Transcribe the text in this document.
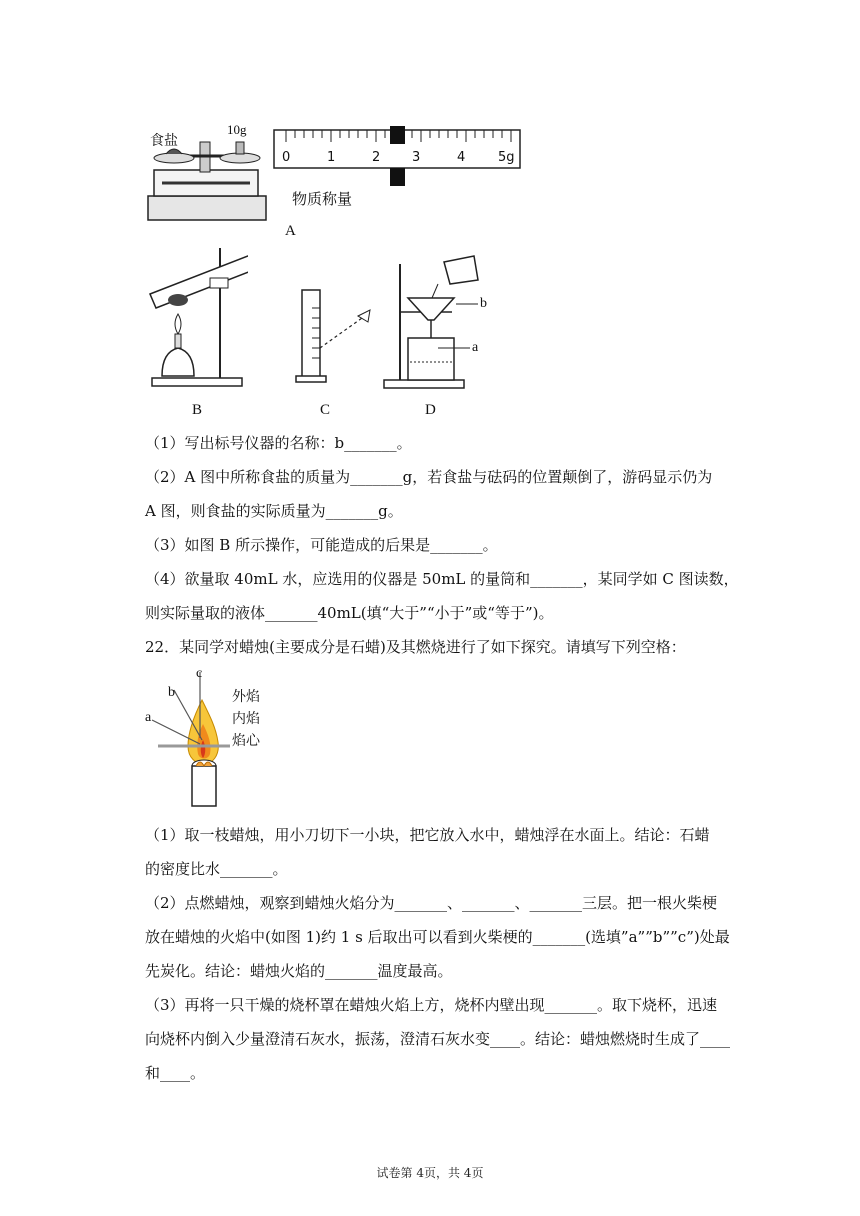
食盐
10g
0	1	2 3	4	5g
物质称量
A
b
a
B	C	D
（1）写出标号仪器的名称：b_______。
（2）A 图中所称食盐的质量为_______g，若食盐与砝码的位置颠倒了，游码显示仍为
A 图，则食盐的实际质量为_______g。
（3）如图 B 所示操作，可能造成的后果是_______。
（4）欲量取 40mL 水，应选用的仪器是 50mL 的量筒和_______，某同学如 C 图读数，
则实际量取的液体_______40mL(填“大于”“小于”或“等于”)。
22．某同学对蜡烛(主要成分是石蜡)及其燃烧进行了如下探究。请填写下列空格：
a
b
c
外焰
内焰
焰心
（1）取一枝蜡烛，用小刀切下一小块，把它放入水中，蜡烛浮在水面上。结论：石蜡
的密度比水_______。
（2）点燃蜡烛，观察到蜡烛火焰分为_______、_______、_______三层。把一根火柴梗
放在蜡烛的火焰中(如图 1)约 1 s 后取出可以看到火柴梗的_______(选填”a””b””c”)处最
先炭化。结论：蜡烛火焰的_______温度最高。
（3）再将一只干燥的烧杯罩在蜡烛火焰上方，烧杯内壁出现_______。取下烧杯，迅速
向烧杯内倒入少量澄清石灰水，振荡，澄清石灰水变____。结论：蜡烛燃烧时生成了____
和____。
试卷第 4页，共 4页
